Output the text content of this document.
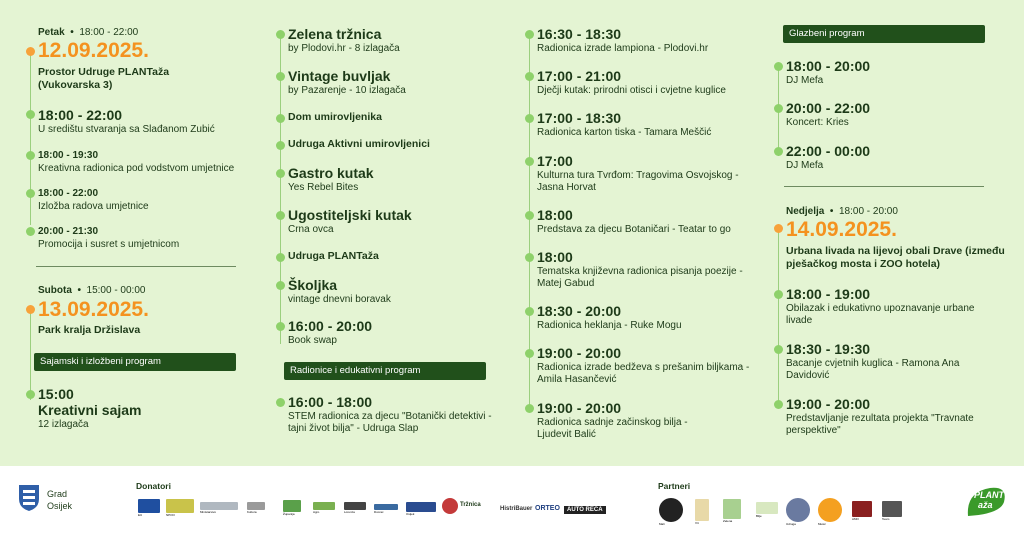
Petak  •  18:00 - 22:00
12.09.2025.
Prostor Udruge PLANTaža
(Vukovarska 3)
18:00 - 22:00
U središtu stvaranja sa Slađanom Zubić
18:00 - 19:30
Kreativna radionica pod vodstvom umjetnice
18:00 - 22:00
Izložba radova umjetnice
20:00 - 21:30
Promocija i susret s umjetnicom
Subota  •  15:00 - 00:00
13.09.2025.
Park kralja Držislava
Sajamski i izložbeni program
15:00
Kreativni sajam
12 izlagača
Zelena tržnica
by Plodovi.hr - 8 izlagača
Vintage buvljak
by Pazarenje - 10 izlagača
Dom umirovljenika
Udruga Aktivni umirovljenici
Gastro kutak
Yes Rebel Bites
Ugostiteljski kutak
Crna ovca
Udruga PLANTaža
Školjka
vintage dnevni boravak
16:00 - 20:00
Book swap
Radionice i edukativni program
16:00 - 18:00
STEM radionica za djecu "Botanički detektivi -
tajni život bilja" - Udruga Slap
16:30 - 18:30
Radionica izrade lampiona - Plodovi.hr
17:00 - 21:00
Dječji kutak: prirodni otisci i cvjetne kuglice
17:00 - 18:30
Radionica karton tiska - Tamara Meščić
17:00
Kulturna tura Tvrđom: Tragovima Osvojskog -
Jasna Horvat
18:00
Predstava za djecu Botaničari - Teatar to go
18:00
Tematska književna radionica pisanja poezije -
Matej Gabud
18:30 - 20:00
Radionica heklanja - Ruke Mogu
19:00 - 20:00
Radionica izrade bedževa s prešanim biljkama -
Amila Hasančević
19:00 - 20:00
Radionica sadnje začinskog bilja -
Ljudevit Balić
Glazbeni program
18:00 - 20:00
DJ Mefa
20:00 - 22:00
Koncert: Kries
22:00 - 00:00
DJ Mefa
Nedjelja  •  18:00 - 20:00
14.09.2025.
Urbana livada na lijevoj obali Drave (između
pješačkog mosta i ZOO hotela)
18:00 - 19:00
Obilazak i edukativno upoznavanje urbane
livade
18:30 - 19:30
Bacanje cvjetnih kuglica - Ramona Ana
Davidović
19:00 - 20:00
Predstavljanje rezultata projekta "Travnate
perspektive"
Grad
Osijek
Donatori
EU	NPOO
Ministarstvo	Kultura	Županija	Agro	Lorenza	Dvorac	Osijek
Tržnica
HistriBauer ORTEO	AUTO RECA
Partneri
Mali	Vrt	Zelena
Bilje
Udruga	Music
AMO	Team
PLANT
aža
